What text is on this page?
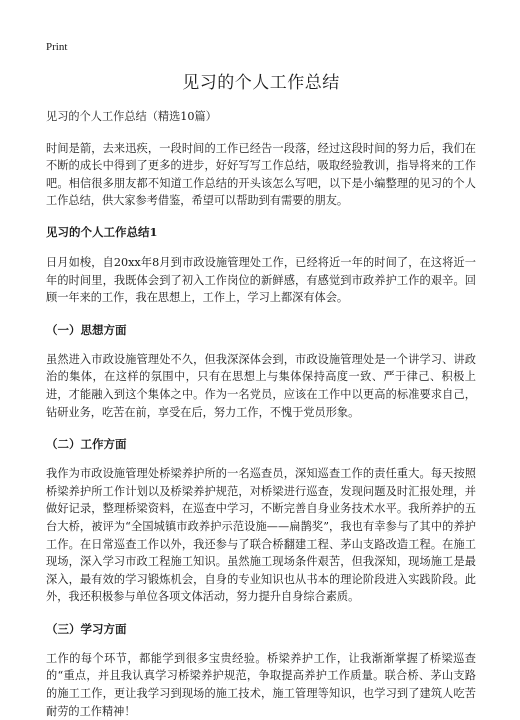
Print
见习的个人工作总结

见习的个人工作总结（精选10篇）

时间是箭，去来迅疾，一段时间的工作已经告一段落，经过这段时间的努力后，我们在不断的成长中得到了更多的进步，好好写写工作总结，吸取经验教训，指导将来的工作吧。相信很多朋友都不知道工作总结的开头该怎么写吧，以下是小编整理的见习的个人工作总结，供大家参考借鉴，希望可以帮助到有需要的朋友。

见习的个人工作总结1

日月如梭，自20xx年8月到市政设施管理处工作，已经将近一年的时间了，在这将近一年的时间里，我既体会到了初入工作岗位的新鲜感，有感觉到市政养护工作的艰辛。回顾一年来的工作，我在思想上，工作上，学习上都深有体会。

（一）思想方面

虽然进入市政设施管理处不久，但我深深体会到，市政设施管理处是一个讲学习、讲政治的集体，在这样的氛围中，只有在思想上与集体保持高度一致、严于律己、积极上进，才能融入到这个集体之中。作为一名党员，应该在工作中以更高的标准要求自己，钻研业务，吃苦在前，享受在后，努力工作，不愧于党员形象。

（二）工作方面

我作为市政设施管理处桥梁养护所的一名巡查员，深知巡查工作的责任重大。每天按照桥梁养护所工作计划以及桥梁养护规范，对桥梁进行巡查，发现问题及时汇报处理，并做好记录，整理桥梁资料，在巡查中学习，不断完善自身业务技术水平。我所养护的五台大桥，被评为“全国城镇市政养护示范设施——扁鹊奖”，我也有幸参与了其中的养护工作。在日常巡查工作以外，我还参与了联合桥翻建工程、茅山支路改造工程。在施工现场，深入学习市政工程施工知识。虽然施工现场条件艰苦，但我深知，现场施工是最深入，最有效的学习锻炼机会，自身的专业知识也从书本的理论阶段进入实践阶段。此外，我还积极参与单位各项文体活动，努力提升自身综合素质。

（三）学习方面

工作的每个环节，都能学到很多宝贵经验。桥梁养护工作，让我渐渐掌握了桥梁巡查的“重点，并且我认真学习桥梁养护规范，争取提高养护工作质量。联合桥、茅山支路的施工工作，更让我学习到现场的施工技术，施工管理等知识，也学习到了建筑人吃苦耐劳的工作精神！
